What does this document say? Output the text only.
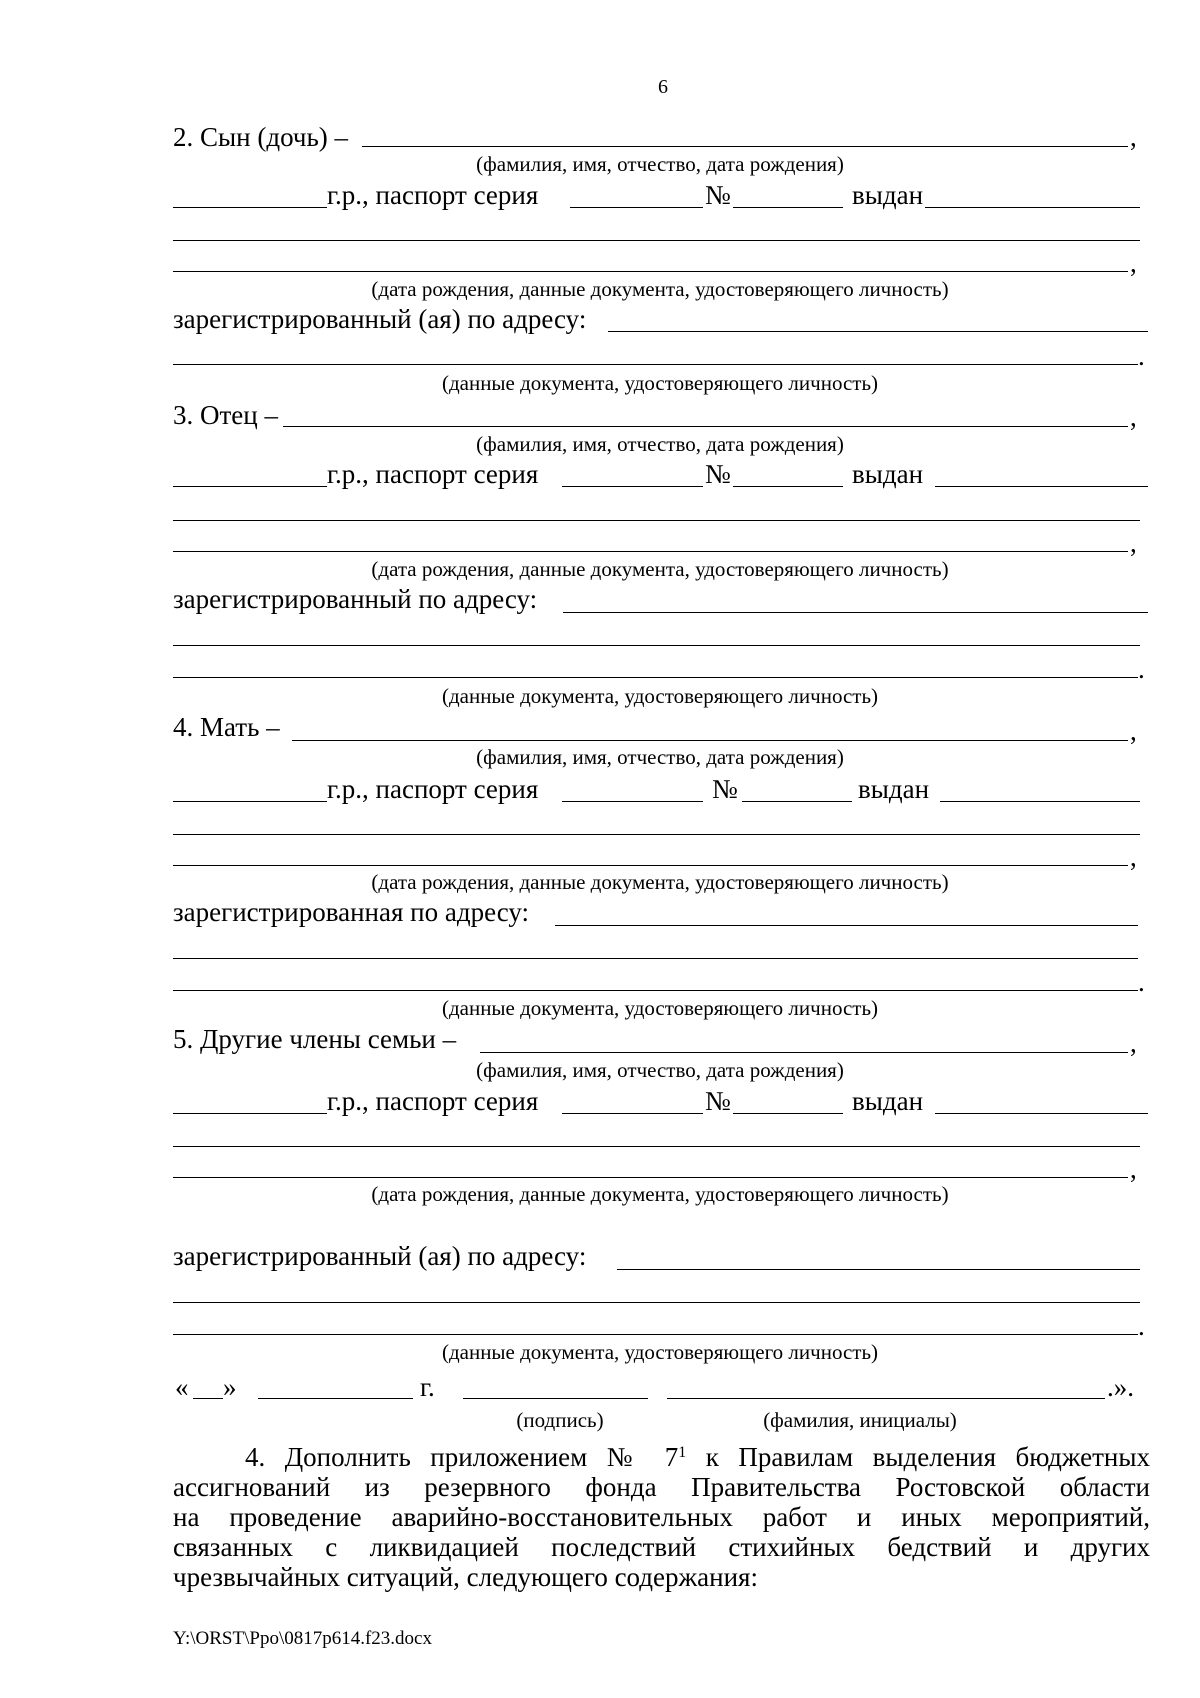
6
2. Сын (дочь) –	,
(фамилия, имя, отчество, дата рождения)
г.р., паспорт серия	№	выдан
,
(дата рождения, данные документа, удостоверяющего личность)
зарегистрированный (ая) по адресу:
.
(данные документа, удостоверяющего личность)
3. Отец –	,
(фамилия, имя, отчество, дата рождения)
г.р., паспорт серия	№	выдан
,
(дата рождения, данные документа, удостоверяющего личность)
зарегистрированный по адресу:
.
(данные документа, удостоверяющего личность)
4. Мать –	,
(фамилия, имя, отчество, дата рождения)
г.р., паспорт серия	№	выдан
,
(дата рождения, данные документа, удостоверяющего личность)
зарегистрированная по адресу:
.
(данные документа, удостоверяющего личность)
5. Другие члены семьи –	,
(фамилия, имя, отчество, дата рождения)
г.р., паспорт серия	№	выдан
,
(дата рождения, данные документа, удостоверяющего личность)
зарегистрированный (ая) по адресу:
.
(данные документа, удостоверяющего личность)
« »	г.	.».
(подпись)	(фамилия, инициалы)
4. Дополнить приложением № $7^1$ к Правилам выделения бюджетных
ассигнований из резервного фонда Правительства Ростовской области
на проведение аварийно-восстановительных работ и иных мероприятий,
связанных с ликвидацией последствий стихийных бедствий и других
чрезвычайных ситуаций, следующего содержания:
Y:\ORST\Ppo\0817p614.f23.docx
